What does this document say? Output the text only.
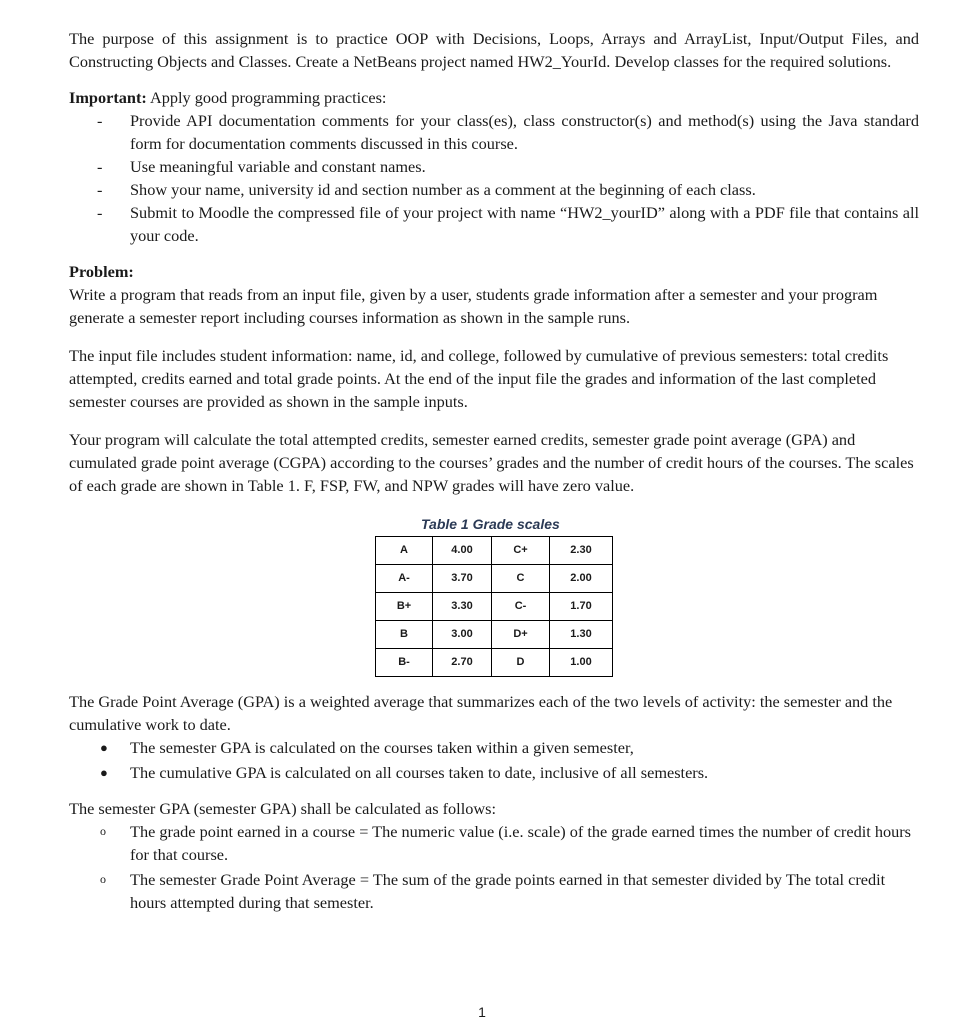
The purpose of this assignment is to practice OOP with Decisions, Loops, Arrays and ArrayList, Input/Output Files, and Constructing Objects and Classes. Create a NetBeans project named HW2_YourId. Develop classes for the required solutions.

Important: Apply good programming practices:

- Provide API documentation comments for your class(es), class constructor(s) and method(s) using the Java standard form for documentation comments discussed in this course.
- Use meaningful variable and constant names.
- Show your name, university id and section number as a comment at the beginning of each class.
- Submit to Moodle the compressed file of your project with name “HW2_yourID” along with a PDF file that contains all your code.

Problem:

Write a program that reads from an input file, given by a user, students grade information after a semester and your program generate a semester report including courses information as shown in the sample runs.

The input file includes student information: name, id, and college, followed by cumulative of previous semesters: total credits attempted, credits earned and total grade points. At the end of the input file the grades and information of the last completed semester courses are provided as shown in the sample inputs.

Your program will calculate the total attempted credits, semester earned credits, semester grade point average (GPA) and cumulated grade point average (CGPA) according to the courses’ grades and the number of credit hours of the courses. The scales of each grade are shown in Table 1. F, FSP, FW, and NPW grades will have zero value.

Table 1 Grade scales
A	4.00	C+	2.30
A-	3.70	C	2.00
B+	3.30	C-	1.70
B	3.00	D+	1.30
B-	2.70	D	1.00

The Grade Point Average (GPA) is a weighted average that summarizes each of the two levels of activity: the semester and the cumulative work to date.

● The semester GPA is calculated on the courses taken within a given semester,
● The cumulative GPA is calculated on all courses taken to date, inclusive of all semesters.

The semester GPA (semester GPA) shall be calculated as follows:

o The grade point earned in a course = The numeric value (i.e. scale) of the grade earned times the number of credit hours for that course.
o The semester Grade Point Average = The sum of the grade points earned in that semester divided by The total credit hours attempted during that semester.
1
